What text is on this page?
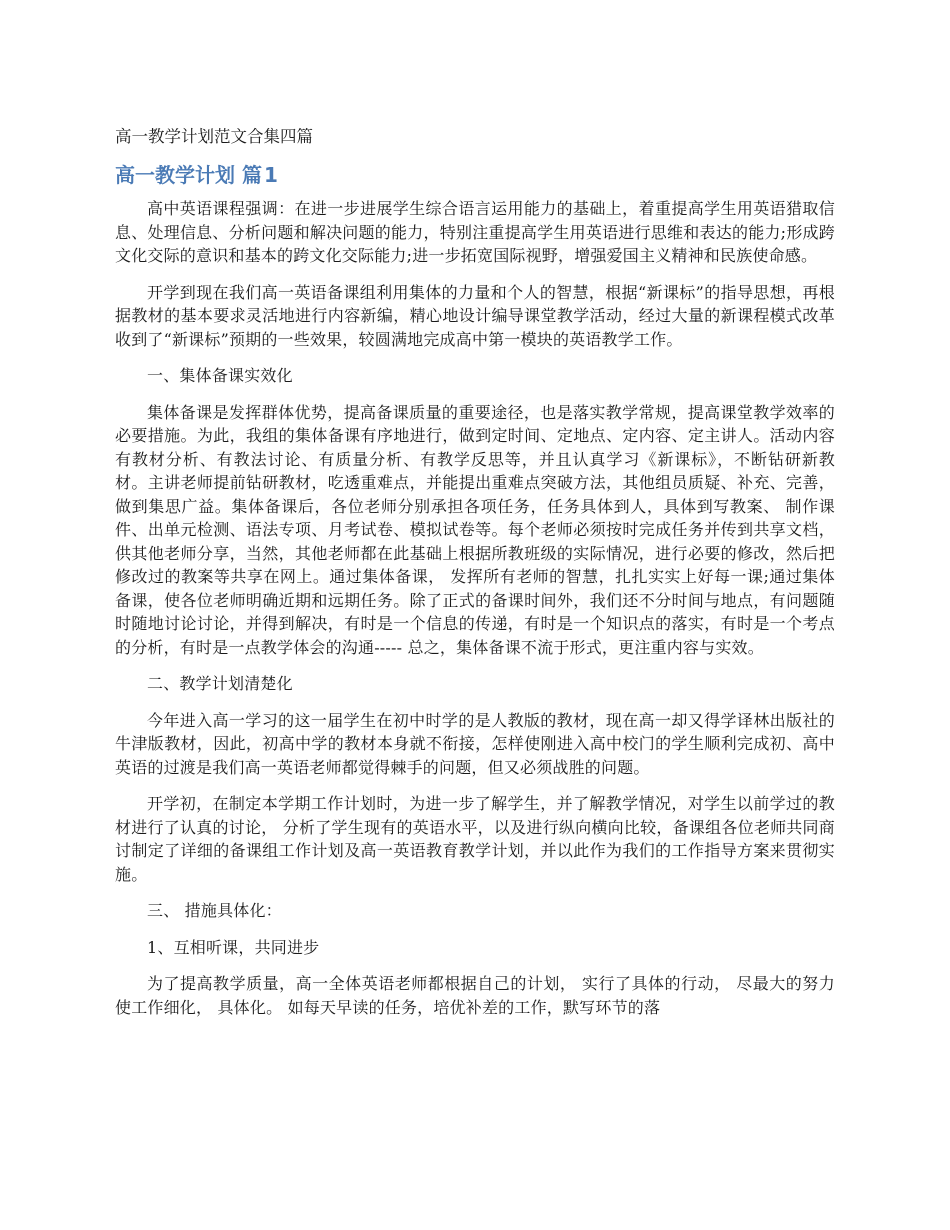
高一教学计划范文合集四篇
高一教学计划 篇  1

高中英语课程强调：在进一步进展学生综合语言运用能力的基础上，着重提高学生用英语猎取信息、处理信息、分析问题和解决问题的能力，特别注重提高学生用英语进行思维和表达的能力;形成跨文化交际的意识和基本的跨文化交际能力;进一步拓宽国际视野，增强爱国主义精神和民族使命感。

开学到现在我们高一英语备课组利用集体的力量和个人的智慧，根据“新课标”的指导思想，再根据教材的基本要求灵活地进行内容新编，精心地设计编导课堂教学活动，经过大量的新课程模式改革收到了“新课标”预期的一些效果，较圆满地完成高中第一模块的英语教学工作。

一、集体备课实效化

集体备课是发挥群体优势，提高备课质量的重要途径，也是落实教学常规，提高课堂教学效率的必要措施。为此，我组的集体备课有序地进行，做到定时间、定地点、定内容、定主讲人。活动内容有教材分析、有教法讨论、有质量分析、有教学反思等，并且认真学习《新课标》，不断钻研新教材。主讲老师提前钻研教材，吃透重难点，并能提出重难点突破方法，其他组员质疑、补充、完善，做到集思广益。集体备课后，各位老师分别承担各项任务，任务具体到人，具体到写教案、 制作课件、出单元检测、语法专项、月考试卷、模拟试卷等。每个老师必须按时完成任务并传到共享文档， 供其他老师分享，当然，其他老师都在此基础上根据所教班级的实际情况，进行必要的修改，然后把修改过的教案等共享在网上。通过集体备课， 发挥所有老师的智慧，扎扎实实上好每一课;通过集体备课，使各位老师明确近期和远期任务。除了正式的备课时间外，我们还不分时间与地点，有问题随时随地讨论讨论，并得到解决，有时是一个信息的传递，有时是一个知识点的落实，有时是一个考点的分析，有时是一点教学体会的沟通----- 总之，集体备课不流于形式，更注重内容与实效。

二、教学计划清楚化

今年进入高一学习的这一届学生在初中时学的是人教版的教材，现在高一却又得学译林出版社的牛津版教材，因此，初高中学的教材本身就不衔接，怎样使刚进入高中校门的学生顺利完成初、高中英语的过渡是我们高一英语老师都觉得棘手的问题，但又必须战胜的问题。

开学初，在制定本学期工作计划时，为进一步了解学生，并了解教学情况，对学生以前学过的教材进行了认真的讨论， 分析了学生现有的英语水平，以及进行纵向横向比较，备课组各位老师共同商讨制定了详细的备课组工作计划及高一英语教育教学计划，并以此作为我们的工作指导方案来贯彻实施。

三、 措施具体化：

1、互相听课，共同进步

为了提高教学质量，高一全体英语老师都根据自己的计划， 实行了具体的行动， 尽最大的努力使工作细化， 具体化。 如每天早读的任务，培优补差的工作，默写环节的落
